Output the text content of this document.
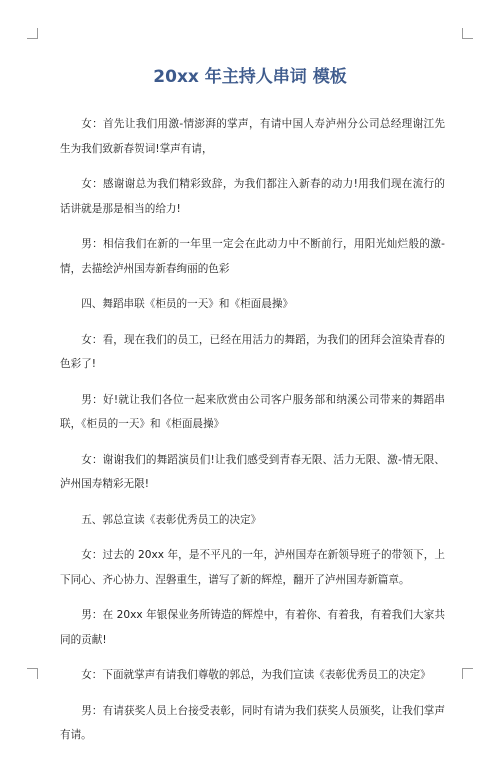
20xx 年主持人串词 模板

女：首先让我们用激-情澎湃的掌声，有请中国人寿泸州分公司总经理谢江先生为我们致新春贺词!掌声有请，

女：感谢谢总为我们精彩致辞，为我们都注入新春的动力!用我们现在流行的话讲就是那是相当的给力!

男：相信我们在新的一年里一定会在此动力中不断前行，用阳光灿烂般的激-情，去描绘泸州国寿新春绚丽的色彩

四、舞蹈串联《柜员的一天》和《柜面晨操》

女：看，现在我们的员工，已经在用活力的舞蹈，为我们的团拜会渲染青春的色彩了!

男：好!就让我们各位一起来欣赏由公司客户服务部和纳溪公司带来的舞蹈串联，《柜员的一天》和《柜面晨操》

女：谢谢我们的舞蹈演员们!让我们感受到青春无限、活力无限、激-情无限、泸州国寿精彩无限!

五、郭总宣读《表彰优秀员工的决定》

女：过去的 20xx 年，是不平凡的一年，泸州国寿在新领导班子的带领下，上下同心、齐心协力、涅磐重生，谱写了新的辉煌，翻开了泸州国寿新篇章。

男：在 20xx 年银保业务所铸造的辉煌中，有着你、有着我，有着我们大家共同的贡献!

女：下面就掌声有请我们尊敬的郭总，为我们宣读《表彰优秀员工的决定》

男：有请获奖人员上台接受表彰，同时有请为我们获奖人员颁奖，让我们掌声有请。
